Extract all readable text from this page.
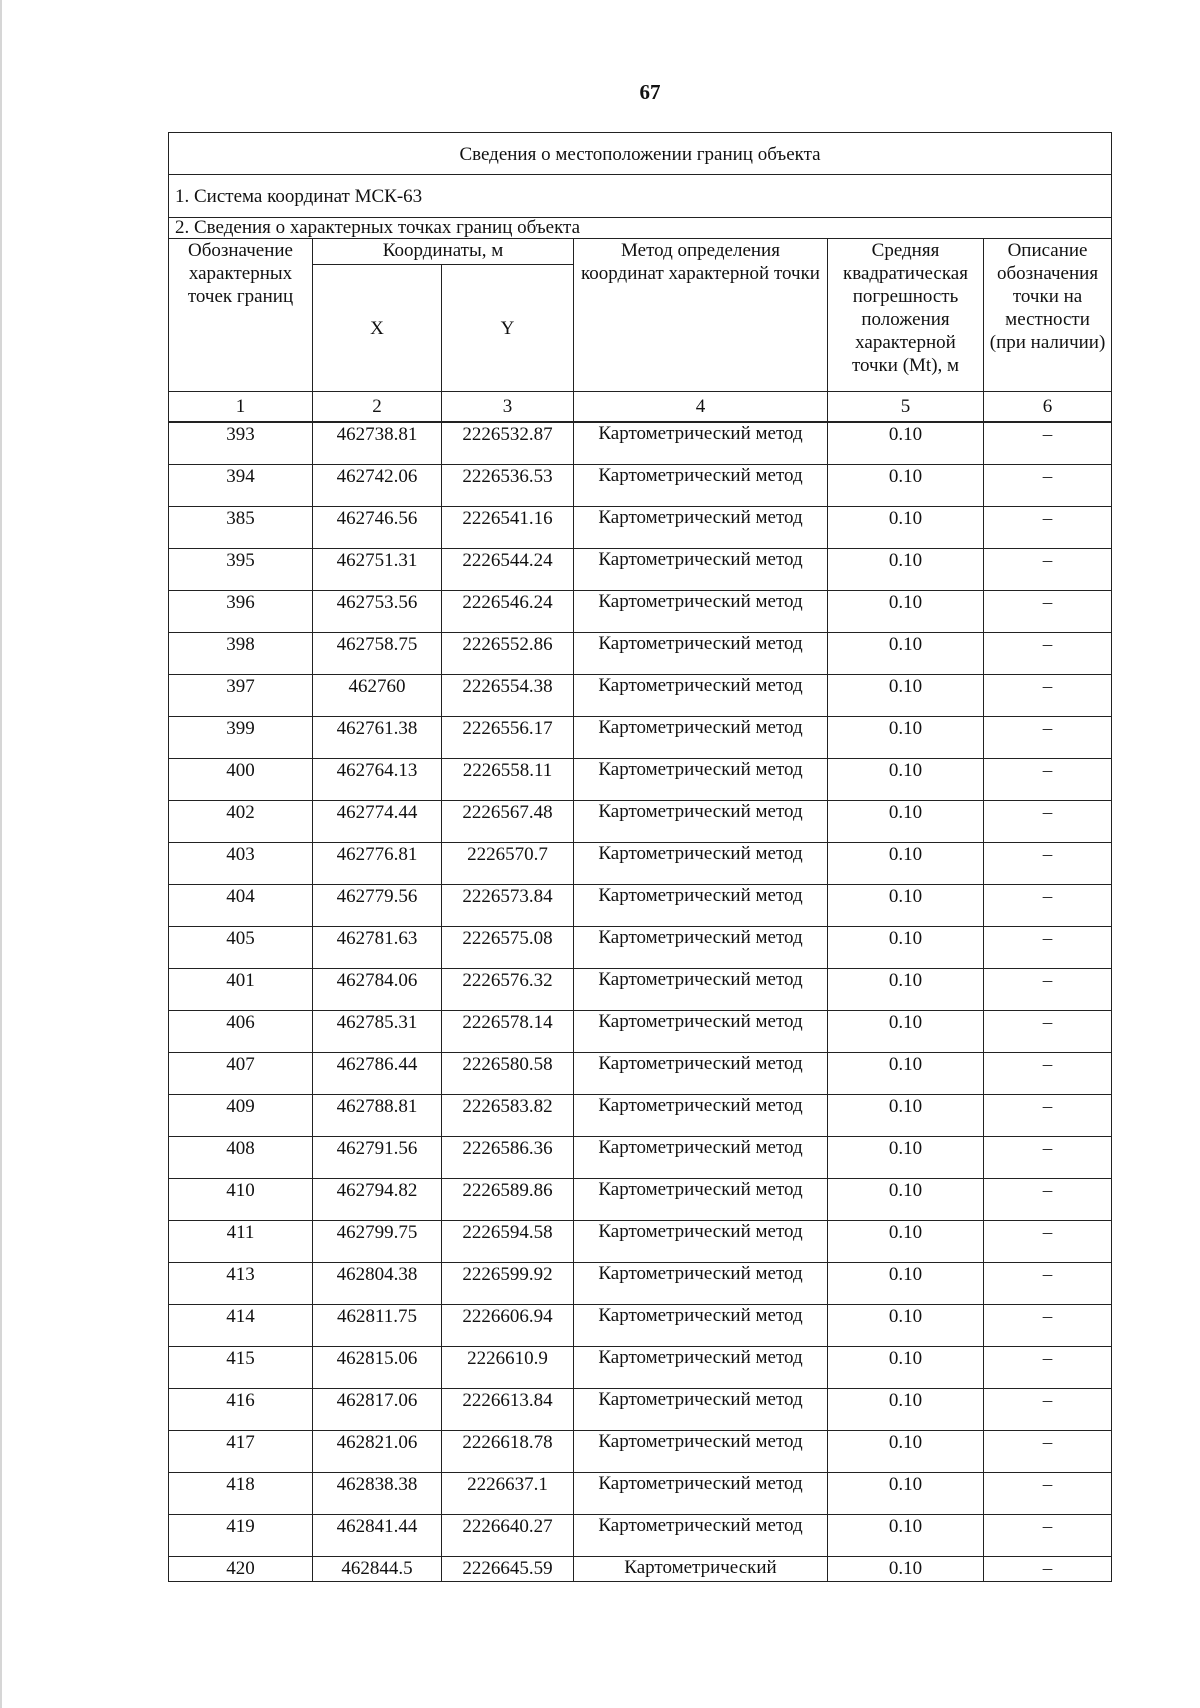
67
Сведения о местоположении границ объекта					
1. Система координат МСК-63					
2. Сведения о характерных точках границ объекта					
Обозначение характерных точек границ	Координаты, м		Метод определения координат характерной точки	Средняя квадратическая погрешность положения характерной точки (Mt), м	Описание обозначения точки на местности (при наличии)
	X	Y			
1	2	3	4	5	6
393	462738.81	2226532.87	Картометрический метод	0.10	–
394	462742.06	2226536.53	Картометрический метод	0.10	–
385	462746.56	2226541.16	Картометрический метод	0.10	–
395	462751.31	2226544.24	Картометрический метод	0.10	–
396	462753.56	2226546.24	Картометрический метод	0.10	–
398	462758.75	2226552.86	Картометрический метод	0.10	–
397	462760	2226554.38	Картометрический метод	0.10	–
399	462761.38	2226556.17	Картометрический метод	0.10	–
400	462764.13	2226558.11	Картометрический метод	0.10	–
402	462774.44	2226567.48	Картометрический метод	0.10	–
403	462776.81	2226570.7	Картометрический метод	0.10	–
404	462779.56	2226573.84	Картометрический метод	0.10	–
405	462781.63	2226575.08	Картометрический метод	0.10	–
401	462784.06	2226576.32	Картометрический метод	0.10	–
406	462785.31	2226578.14	Картометрический метод	0.10	–
407	462786.44	2226580.58	Картометрический метод	0.10	–
409	462788.81	2226583.82	Картометрический метод	0.10	–
408	462791.56	2226586.36	Картометрический метод	0.10	–
410	462794.82	2226589.86	Картометрический метод	0.10	–
411	462799.75	2226594.58	Картометрический метод	0.10	–
413	462804.38	2226599.92	Картометрический метод	0.10	–
414	462811.75	2226606.94	Картометрический метод	0.10	–
415	462815.06	2226610.9	Картометрический метод	0.10	–
416	462817.06	2226613.84	Картометрический метод	0.10	–
417	462821.06	2226618.78	Картометрический метод	0.10	–
418	462838.38	2226637.1	Картометрический метод	0.10	–
419	462841.44	2226640.27	Картометрический метод	0.10	–
420	462844.5	2226645.59	Картометрический	0.10	–
